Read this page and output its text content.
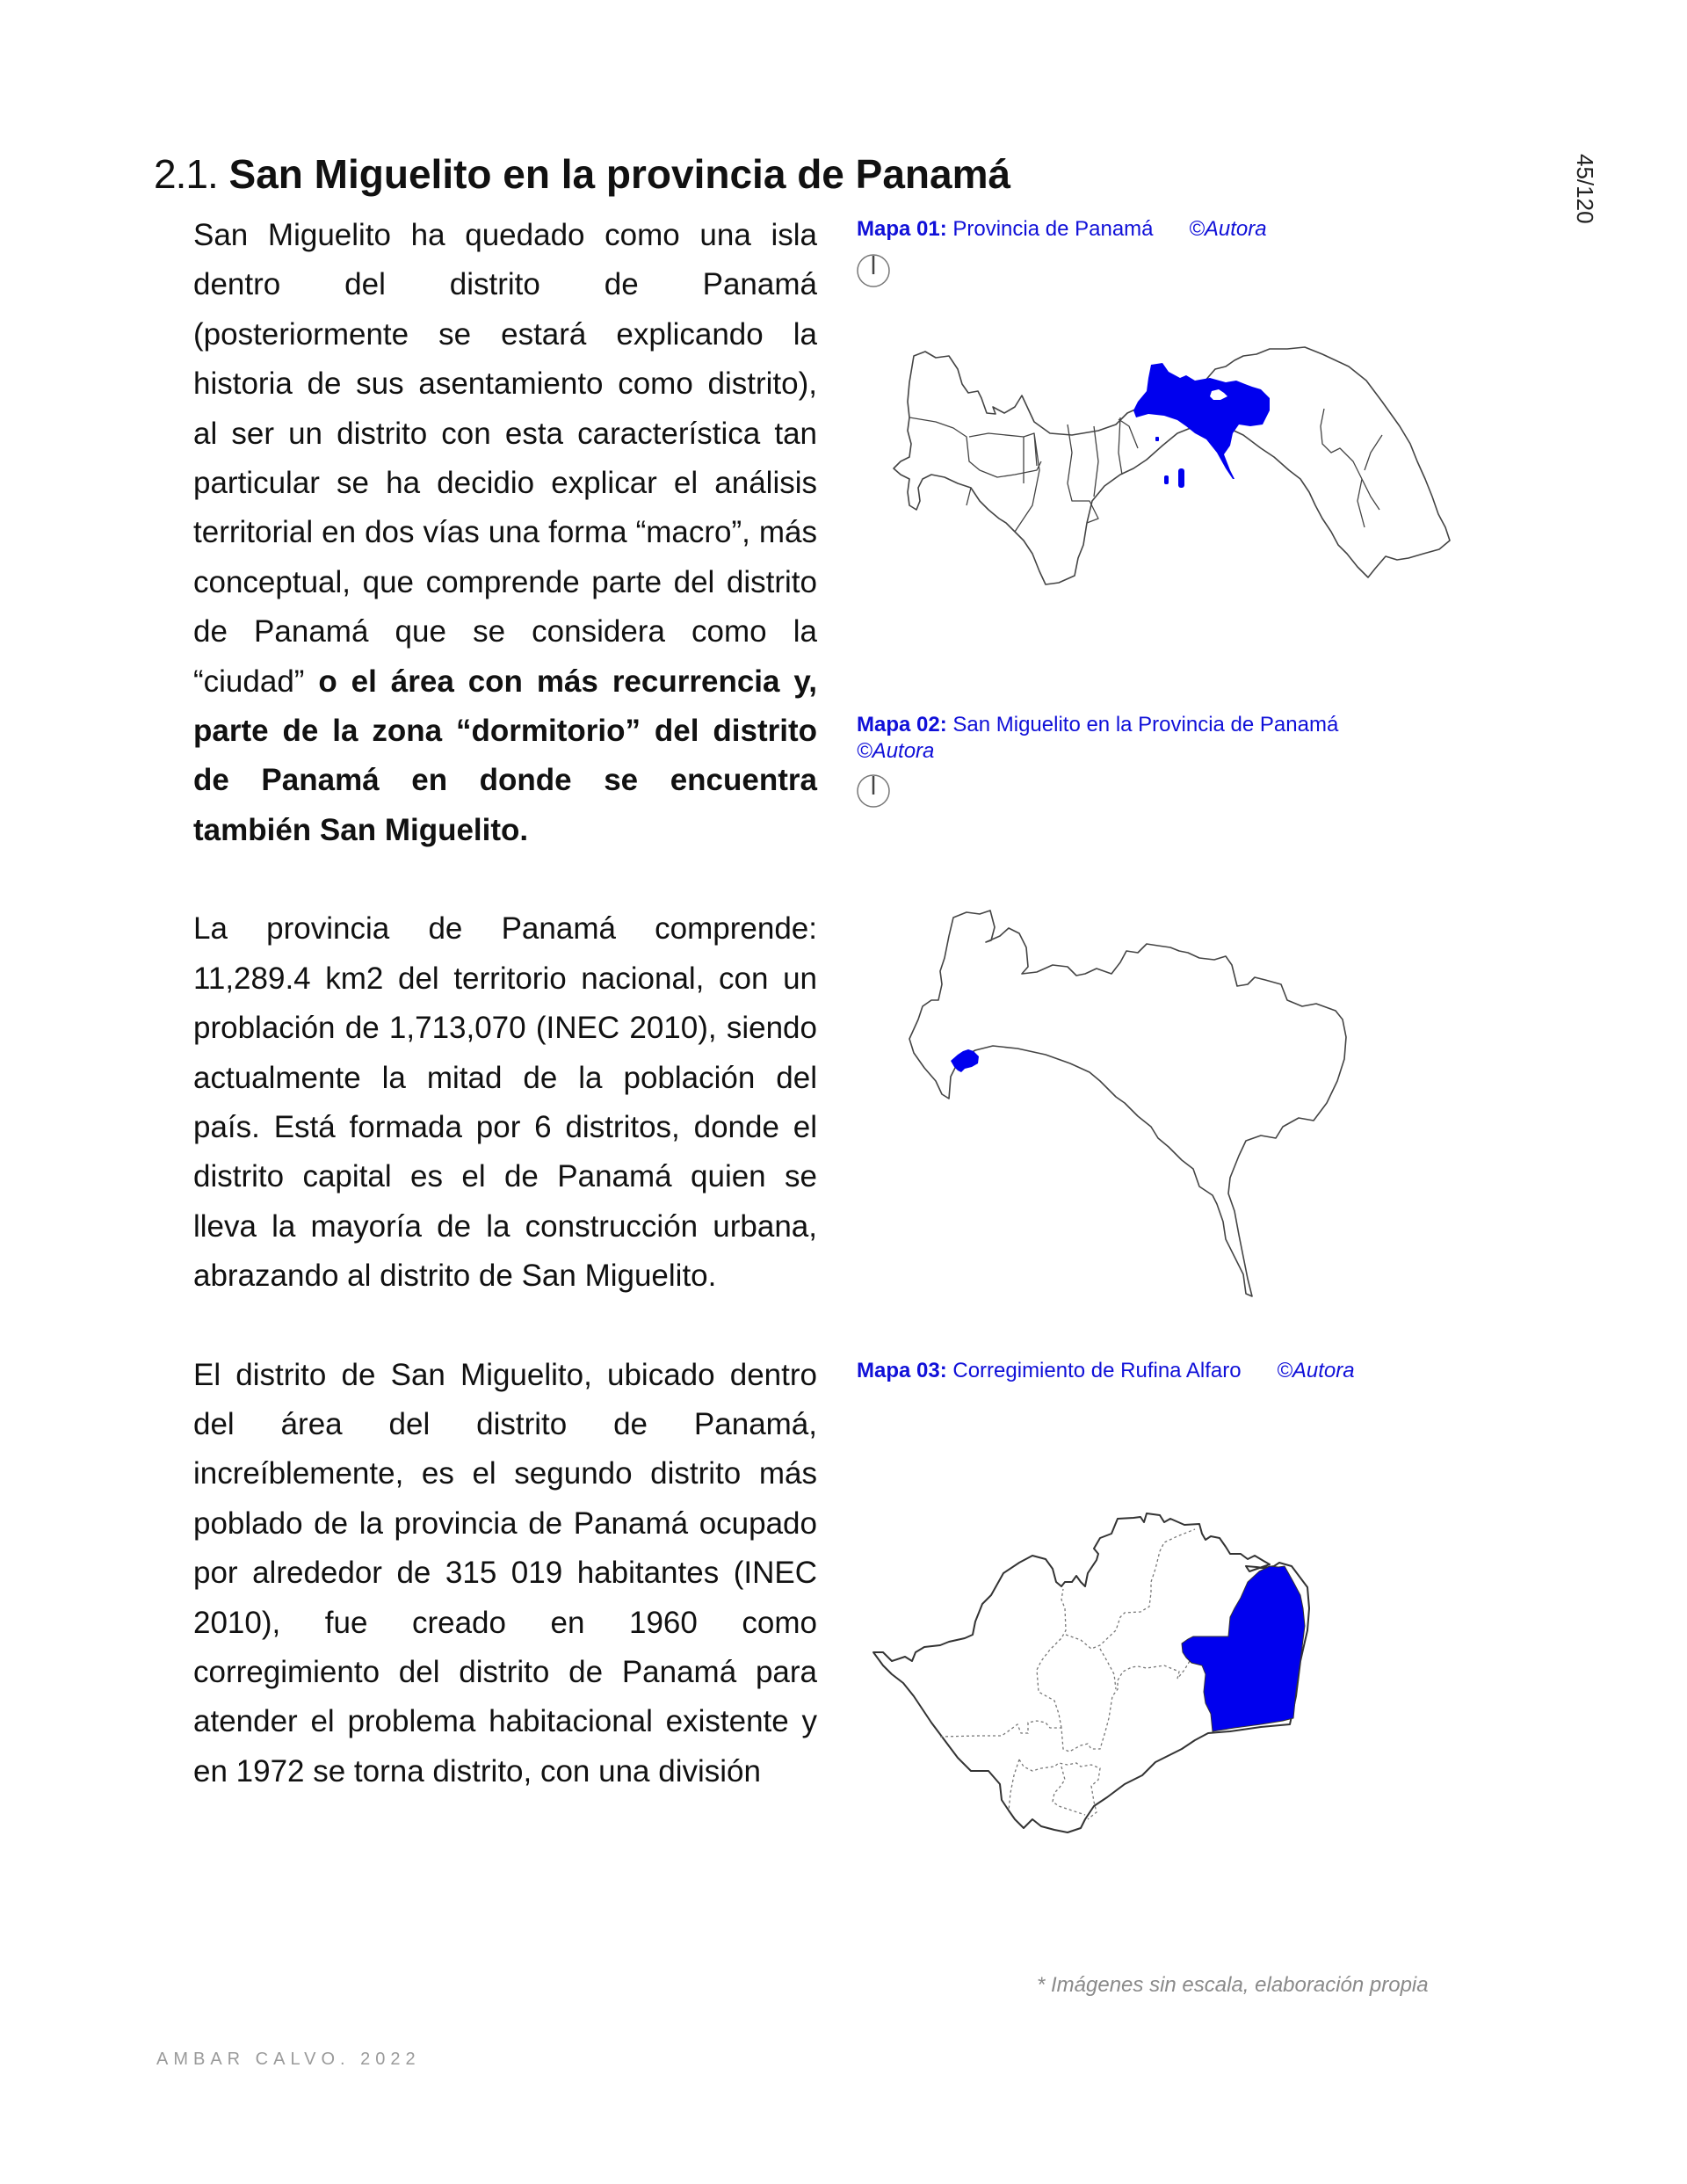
2.1. San Miguelito en la provincia de Panamá	45/120

San Miguelito ha quedado como una isla dentro del distrito de Panamá (posteriormente se estará explicando la historia de sus asentamiento como distrito), al ser un distrito con esta característica tan particular se ha decidio explicar el análisis territorial en dos vías una forma “macro”, más conceptual, que comprende parte del distrito de Panamá que se considera como la “ciudad” o el área con más recurrencia y, parte de la zona “dormitorio” del distrito de Panamá en donde se encuentra también San Miguelito.

La provincia de Panamá comprende: 11,289.4 km2 del territorio nacional, con un problación de 1,713,070 (INEC 2010), siendo actualmente la mitad de la población del país. Está formada por 6 distritos, donde el distrito capital es el de Panamá quien se lleva la mayoría de la construcción urbana, abrazando al distrito de San Miguelito.

El distrito de San Miguelito, ubicado dentro del área del distrito de Panamá, increíblemente, es el segundo distrito más poblado de la provincia de Panamá ocupado por alrededor de 315 019 habitantes (INEC 2010), fue creado en 1960 como corregimiento del distrito de Panamá para atender el problema habitacional existente y en 1972 se torna distrito, con una división

Mapa 01: Provincia de Panamá ©Autora
Mapa 02: San Miguelito en la Provincia de Panamá
©Autora
Mapa 03: Corregimiento de Rufina Alfaro ©Autora
* Imágenes sin escala, elaboración propia
AMBAR CALVO. 2022
